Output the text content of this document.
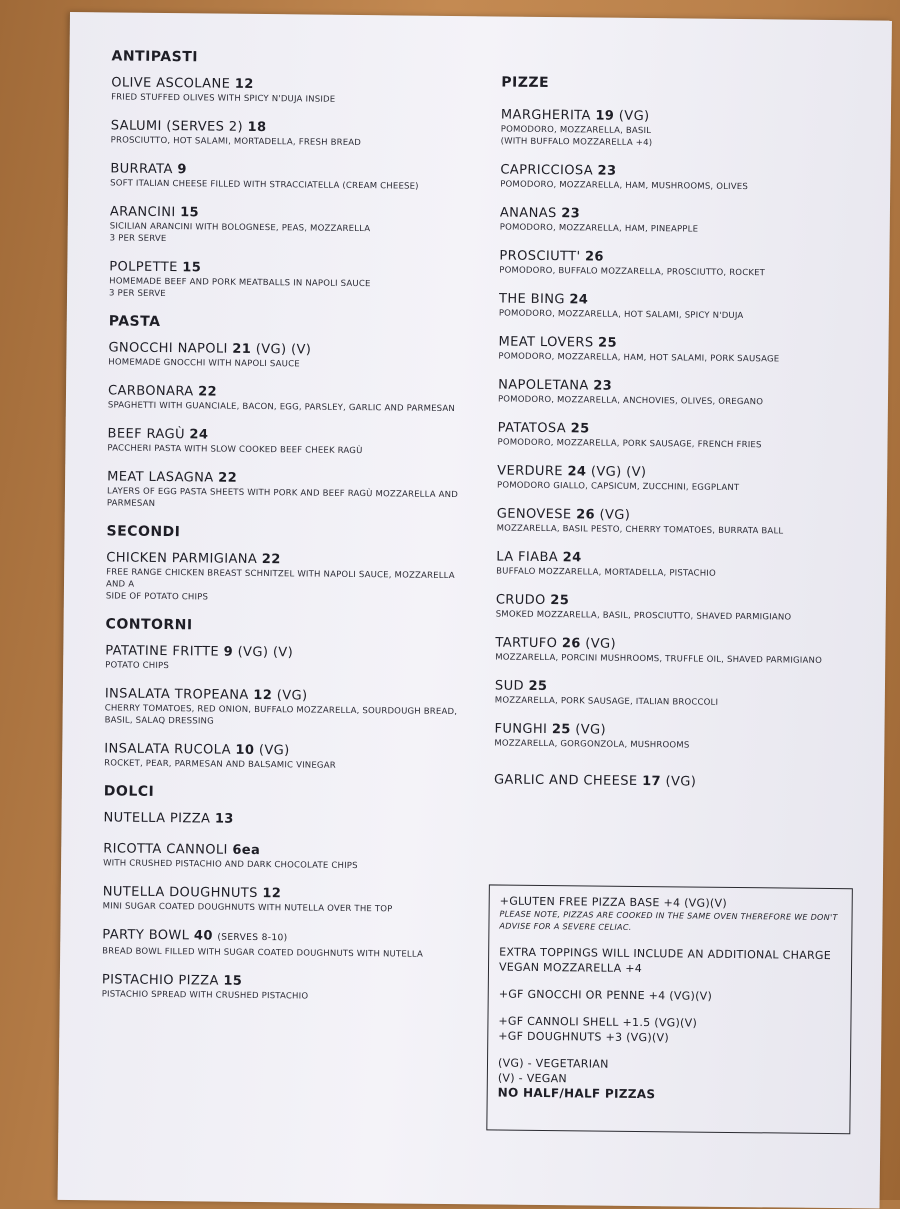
ANTIPASTI
OLIVE ASCOLANE 12
FRIED STUFFED OLIVES WITH SPICY N'DUJA INSIDE
SALUMI (SERVES 2) 18
PROSCIUTTO, HOT SALAMI, MORTADELLA, FRESH BREAD
BURRATA 9
SOFT ITALIAN CHEESE FILLED WITH STRACCIATELLA (CREAM CHEESE)
ARANCINI 15
SICILIAN ARANCINI WITH BOLOGNESE, PEAS, MOZZARELLA
3 PER SERVE
POLPETTE 15
HOMEMADE BEEF AND PORK MEATBALLS IN NAPOLI SAUCE
3 PER SERVE
PASTA
GNOCCHI NAPOLI 21 (VG) (V)
HOMEMADE GNOCCHI WITH NAPOLI SAUCE
CARBONARA 22
SPAGHETTI WITH GUANCIALE, BACON, EGG, PARSLEY, GARLIC AND PARMESAN
BEEF RAGÙ 24
PACCHERI PASTA WITH SLOW COOKED BEEF CHEEK RAGÙ
MEAT LASAGNA 22
LAYERS OF EGG PASTA SHEETS WITH PORK AND BEEF RAGÙ MOZZARELLA AND
PARMESAN
SECONDI
CHICKEN PARMIGIANA 22
FREE RANGE CHICKEN BREAST SCHNITZEL WITH NAPOLI SAUCE, MOZZARELLA AND A
SIDE OF POTATO CHIPS
CONTORNI
PATATINE FRITTE 9 (VG) (V)
POTATO CHIPS
INSALATA TROPEANA 12 (VG)
CHERRY TOMATOES, RED ONION, BUFFALO MOZZARELLA, SOURDOUGH BREAD,
BASIL, SALAQ DRESSING
INSALATA RUCOLA 10 (VG)
ROCKET, PEAR, PARMESAN AND BALSAMIC VINEGAR
DOLCI
NUTELLA PIZZA 13
RICOTTA CANNOLI 6ea
WITH CRUSHED PISTACHIO AND DARK CHOCOLATE CHIPS
NUTELLA DOUGHNUTS 12
MINI SUGAR COATED DOUGHNUTS WITH NUTELLA OVER THE TOP
PARTY BOWL 40 (SERVES 8-10)
BREAD BOWL FILLED WITH SUGAR COATED DOUGHNUTS WITH NUTELLA
PISTACHIO PIZZA 15
PISTACHIO SPREAD WITH CRUSHED PISTACHIO
PIZZE
MARGHERITA 19 (VG)
POMODORO, MOZZARELLA, BASIL
(WITH BUFFALO MOZZARELLA +4)
CAPRICCIOSA 23
POMODORO, MOZZARELLA, HAM, MUSHROOMS, OLIVES
ANANAS 23
POMODORO, MOZZARELLA, HAM, PINEAPPLE
PROSCIUTT' 26
POMODORO, BUFFALO MOZZARELLA, PROSCIUTTO, ROCKET
THE BING 24
POMODORO, MOZZARELLA, HOT SALAMI, SPICY N'DUJA
MEAT LOVERS 25
POMODORO, MOZZARELLA, HAM, HOT SALAMI, PORK SAUSAGE
NAPOLETANA 23
POMODORO, MOZZARELLA, ANCHOVIES, OLIVES, OREGANO
PATATOSA 25
POMODORO, MOZZARELLA, PORK SAUSAGE, FRENCH FRIES
VERDURE 24 (VG) (V)
POMODORO GIALLO, CAPSICUM, ZUCCHINI, EGGPLANT
GENOVESE 26 (VG)
MOZZARELLA, BASIL PESTO, CHERRY TOMATOES, BURRATA BALL
LA FIABA 24
BUFFALO MOZZARELLA, MORTADELLA, PISTACHIO
CRUDO 25
SMOKED MOZZARELLA, BASIL, PROSCIUTTO, SHAVED PARMIGIANO
TARTUFO 26 (VG)
MOZZARELLA, PORCINI MUSHROOMS, TRUFFLE OIL, SHAVED PARMIGIANO
SUD 25
MOZZARELLA, PORK SAUSAGE, ITALIAN BROCCOLI
FUNGHI 25 (VG)
MOZZARELLA, GORGONZOLA, MUSHROOMS
GARLIC AND CHEESE 17 (VG)
+GLUTEN FREE PIZZA BASE +4 (VG)(V)
PLEASE NOTE, PIZZAS ARE COOKED IN THE SAME OVEN THEREFORE WE DON'T ADVISE FOR A SEVERE CELIAC.
EXTRA TOPPINGS WILL INCLUDE AN ADDITIONAL CHARGE
VEGAN MOZZARELLA +4
+GF GNOCCHI OR PENNE +4 (VG)(V)
+GF CANNOLI SHELL +1.5 (VG)(V)
+GF DOUGHNUTS +3 (VG)(V)
(VG) - VEGETARIAN
(V) - VEGAN
NO HALF/HALF PIZZAS
